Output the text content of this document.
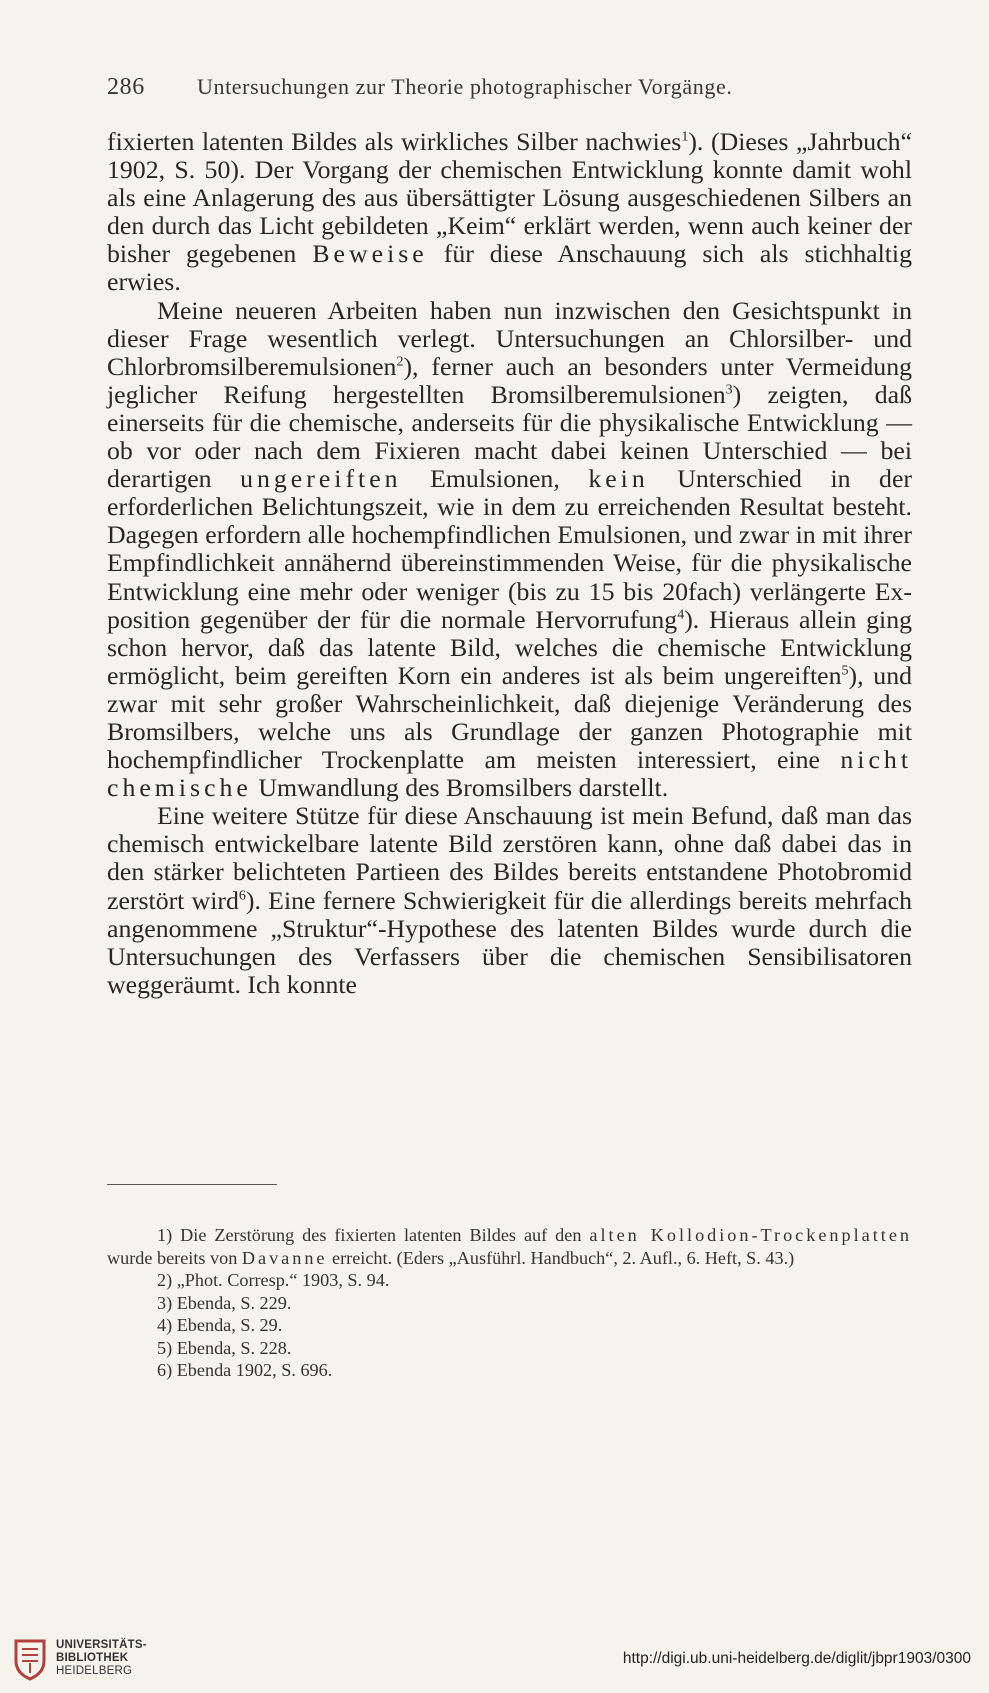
286 Untersuchungen zur Theorie photographischer Vorgänge.

fixierten latenten Bildes als wirkliches Silber nachwies$^1$). (Dieses „Jahrbuch“ 1902, S. 50). Der Vorgang der chemischen Entwicklung konnte damit wohl als eine Anlagerung des aus übersättigter Lösung ausgeschiedenen Silbers an den durch das Licht gebildeten „Keim“ erklärt werden, wenn auch keiner der bisher gegebenen Beweise für diese Anschauung sich als stichhaltig erwies.

Meine neueren Arbeiten haben nun inzwischen den Gesichtspunkt in dieser Frage wesentlich verlegt. Untersuchungen an Chlorsilber- und Chlorbromsilberemulsionen$^2$), ferner auch an besonders unter Vermeidung jeglicher Reifung hergestellten Bromsilberemulsionen$^3$) zeigten, daß einerseits für die chemische, anderseits für die physikalische Entwicklung — ob vor oder nach dem Fixieren macht dabei keinen Unterschied — bei derartigen ungereiften Emulsionen, kein Unterschied in der erforderlichen Belichtungszeit, wie in dem zu erreichenden Resultat besteht. Dagegen erfordern alle hochempfindlichen Emulsionen, und zwar in mit ihrer Empfindlichkeit annähernd übereinstimmenden Weise, für die physikalische Entwicklung eine mehr oder weniger (bis zu 15 bis 20fach) verlängerte Exposition gegenüber der für die normale Hervorrufung$^4$). Hieraus allein ging schon hervor, daß das latente Bild, welches die chemische Entwicklung ermöglicht, beim gereiften Korn ein anderes ist als beim ungereiften$^5$), und zwar mit sehr großer Wahrscheinlichkeit, daß diejenige Veränderung des Bromsilbers, welche uns als Grundlage der ganzen Photographie mit hochempfindlicher Trockenplatte am meisten interessiert, eine nicht chemische Umwandlung des Bromsilbers darstellt.

Eine weitere Stütze für diese Anschauung ist mein Befund, daß man das chemisch entwickelbare latente Bild zerstören kann, ohne daß dabei das in den stärker belichteten Partieen des Bildes bereits entstandene Photobromid zerstört wird$^6$). Eine fernere Schwierigkeit für die allerdings bereits mehrfach angenommene „Struktur“-Hypothese des latenten Bildes wurde durch die Untersuchungen des Verfassers über die chemischen Sensibilisatoren weggeräumt. Ich konnte

1) Die Zerstörung des fixierten latenten Bildes auf den alten Kollodion-Trockenplatten wurde bereits von Davanne erreicht. (Eders „Ausführl. Handbuch“, 2. Aufl., 6. Heft, S. 43.)

2) „Phot. Corresp.“ 1903, S. 94.

3) Ebenda, S. 229.

4) Ebenda, S. 29.

5) Ebenda, S. 228.

6) Ebenda 1902, S. 696.

UNIVERSITÄTS-
BIBLIOTHEK
HEIDELBERG
http://digi.ub.uni-heidelberg.de/diglit/jbpr1903/0300
